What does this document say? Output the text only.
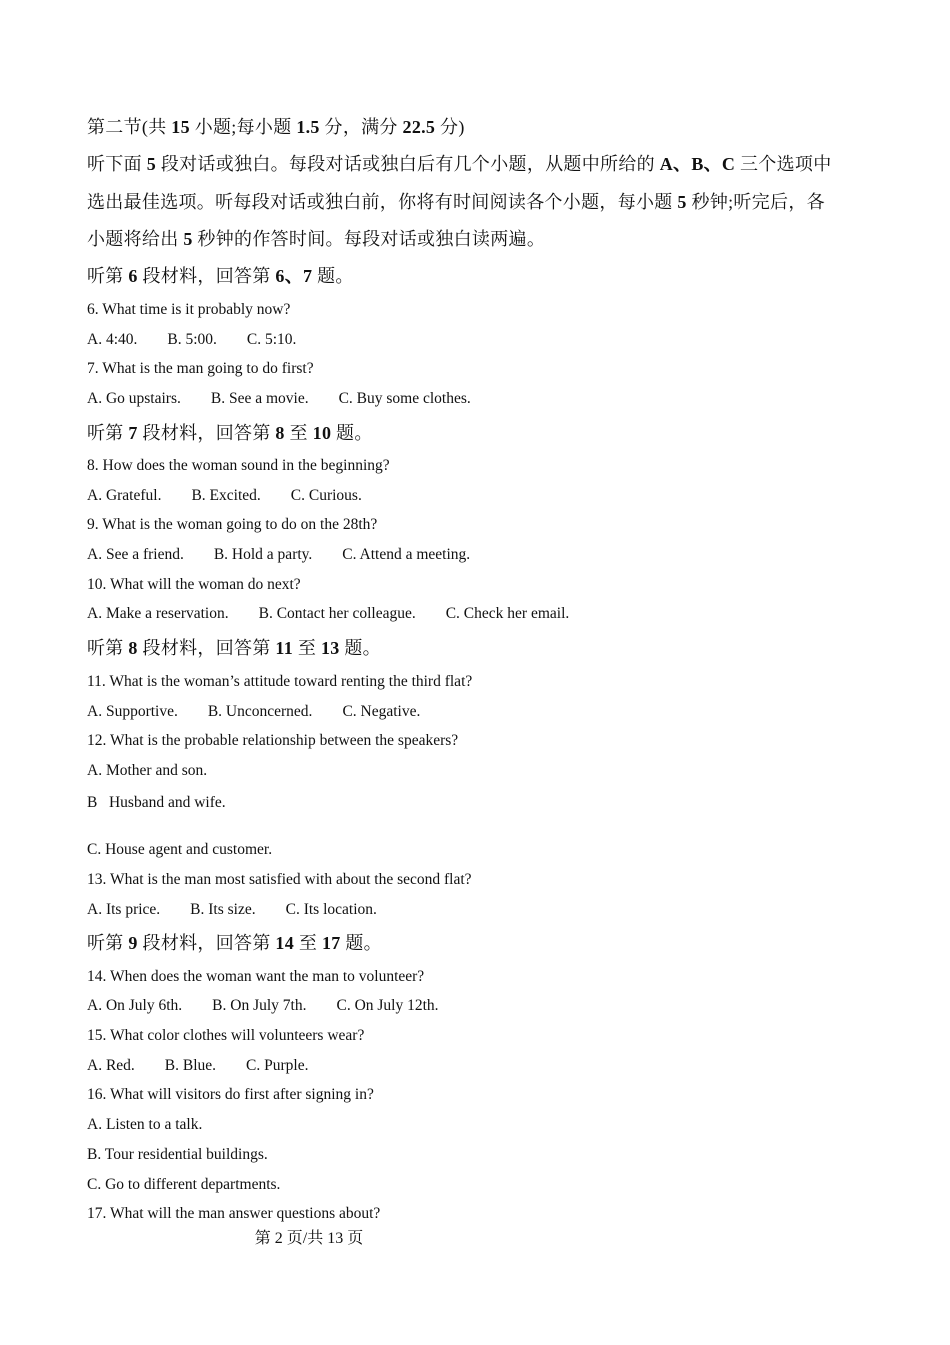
第二节(共 15 小题;每小题 1.5 分，满分 22.5 分)
听下面 5 段对话或独白。每段对话或独白后有几个小题，从题中所给的 A、B、C 三个选项中
选出最佳选项。听每段对话或独白前，你将有时间阅读各个小题，每小题 5 秒钟;听完后，各
小题将给出 5 秒钟的作答时间。每段对话或独白读两遍。
听第 6 段材料，回答第 6、7 题。
6. What time is it probably now?
A. 4:40. B. 5:00. C. 5:10.
7. What is the man going to do first?
A. Go upstairs. B. See a movie. C. Buy some clothes.
听第 7 段材料，回答第 8 至 10 题。
8. How does the woman sound in the beginning?
A. Grateful. B. Excited. C. Curious.
9. What is the woman going to do on the 28th?
A. See a friend. B. Hold a party. C. Attend a meeting.
10. What will the woman do next?
A. Make a reservation. B. Contact her colleague. C. Check her email.
听第 8 段材料，回答第 11 至 13 题。
11. What is the woman’s attitude toward renting the third flat?
A. Supportive. B. Unconcerned. C. Negative.
12. What is the probable relationship between the speakers?
A. Mother and son.
B   Husband and wife.
C. House agent and customer.
13. What is the man most satisfied with about the second flat?
A. Its price. B. Its size. C. Its location.
听第 9 段材料，回答第 14 至 17 题。
14. When does the woman want the man to volunteer?
A. On July 6th. B. On July 7th. C. On July 12th.
15. What color clothes will volunteers wear?
A. Red. B. Blue. C. Purple.
16. What will visitors do first after signing in?
A. Listen to a talk.
B. Tour residential buildings.
C. Go to different departments.
17. What will the man answer questions about?
第 2 页/共 13 页
